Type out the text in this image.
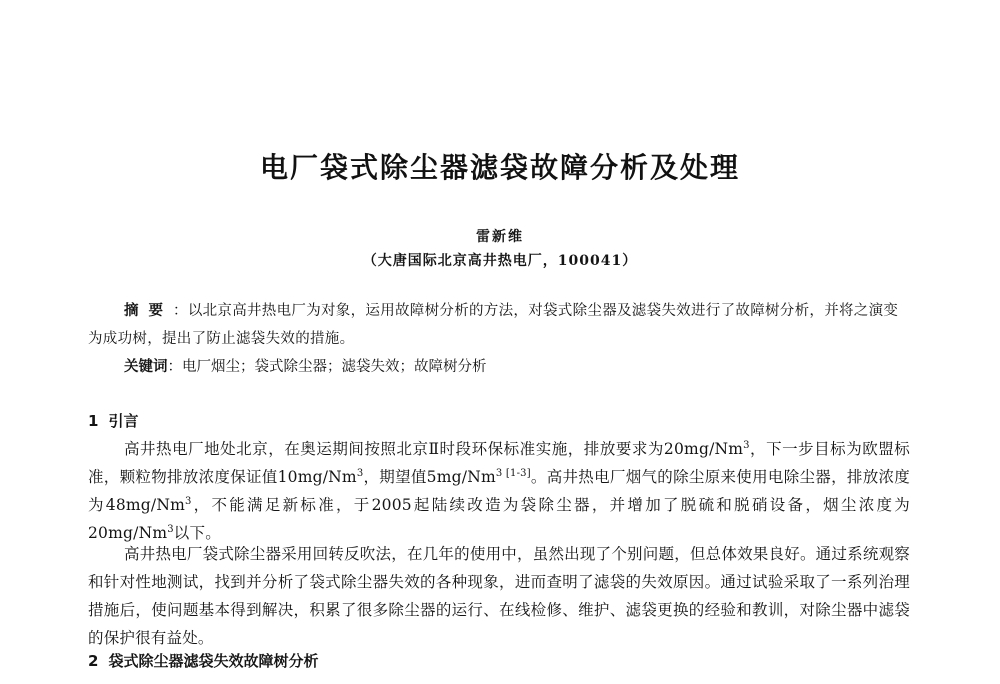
电厂袋式除尘器滤袋故障分析及处理
雷新维
（大唐国际北京高井热电厂，100041）
摘要：以北京高井热电厂为对象，运用故障树分析的方法，对袋式除尘器及滤袋失效进行了故障树分析，并将之演变为成功树，提出了防止滤袋失效的措施。
关键词：电厂烟尘；袋式除尘器；滤袋失效；故障树分析
1 引言
高井热电厂地处北京，在奥运期间按照北京Ⅱ时段环保标准实施，排放要求为20mg/Nm$^3$，下一步目标为欧盟标准，颗粒物排放浓度保证值10mg/Nm$^3$，期望值$5mg/Nm^{3 [1-3]}$。高井热电厂烟气的除尘原来使用电除尘器，排放浓度为48mg/Nm$^3$，不能满足新标准，于2005起陆续改造为袋除尘器，并增加了脱硫和脱硝设备，烟尘浓度为20mg/Nm$^3$以下。
高井热电厂袋式除尘器采用回转反吹法，在几年的使用中，虽然出现了个别问题，但总体效果良好。通过系统观察和针对性地测试，找到并分析了袋式除尘器失效的各种现象，进而查明了滤袋的失效原因。通过试验采取了一系列治理措施后，使问题基本得到解决，积累了很多除尘器的运行、在线检修、维护、滤袋更换的经验和教训，对除尘器中滤袋的保护很有益处。
2 袋式除尘器滤袋失效故障树分析
